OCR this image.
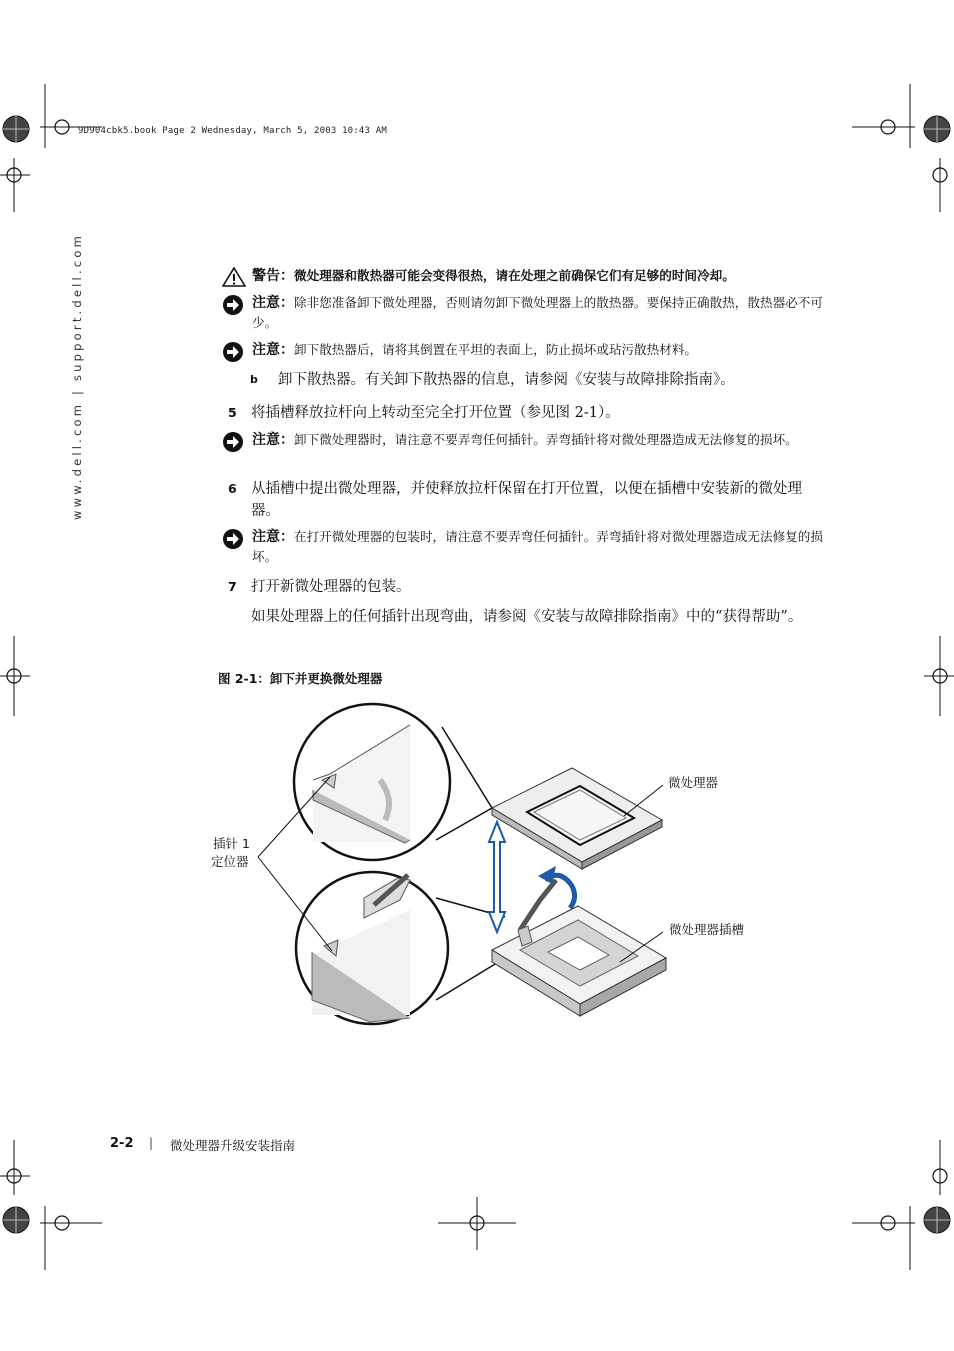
9D904cbk5.book Page 2 Wednesday, March 5, 2003 10:43 AM
www.dell.com | support.dell.com	警告：微处理器和散热器可能会变得很热，请在处理之前确保它们有足够的时间冷却。
注意：除非您准备卸下微处理器，否则请勿卸下微处理器上的散热器。要保持正确散热，散热器必不可少。
注意：卸下散热器后，请将其倒置在平坦的表面上，防止损坏或玷污散热材料。
b 卸下散热器。有关卸下散热器的信息，请参阅《安装与故障排除指南》。
5 将插槽释放拉杆向上转动至完全打开位置（参见图 2-1）。
注意：卸下微处理器时，请注意不要弄弯任何插针。弄弯插针将对微处理器造成无法修复的损坏。
6 从插槽中提出微处理器，并使释放拉杆保留在打开位置，以便在插槽中安装新的微处理器。
注意：在打开微处理器的包装时，请注意不要弄弯任何插针。弄弯插针将对微处理器造成无法修复的损坏。
7 打开新微处理器的包装。
如果处理器上的任何插针出现弯曲，请参阅《安装与故障排除指南》中的“获得帮助”。
图 2-1：卸下并更换微处理器
微处理器
微处理器插槽
插针 1
定位器
2-2 | 微处理器升级安装指南
